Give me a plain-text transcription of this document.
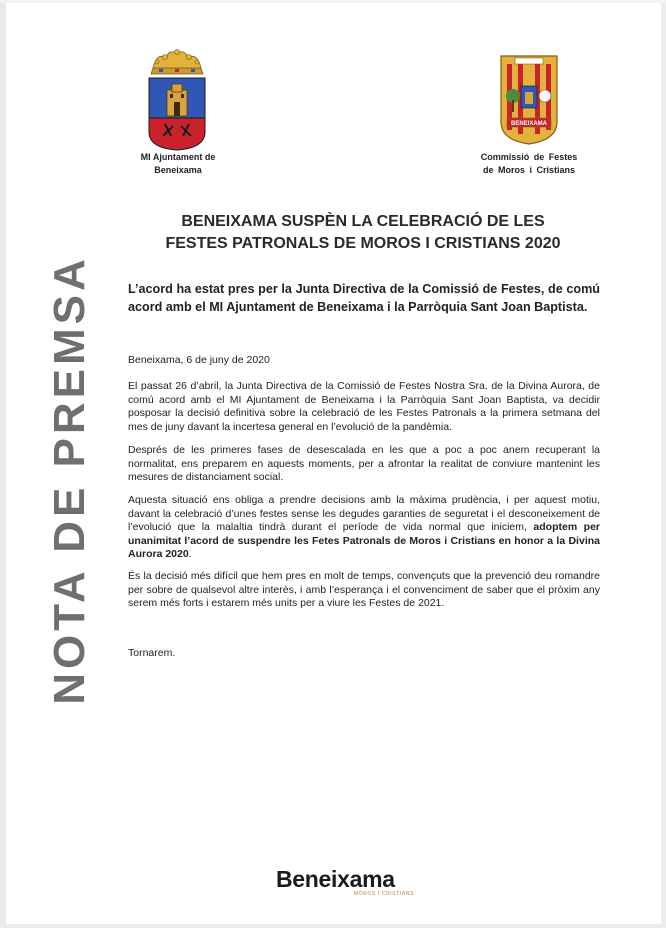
NOTA DE PREMSA
MI Ajuntament de
Beneixama
BENEIXAMA
Commissió de Festes
de Moros i Cristians
BENEIXAMA SUSPÈN LA CELEBRACIÓ DE LES
FESTES PATRONALS DE MOROS I CRISTIANS 2020
L’acord ha estat pres per la Junta Directiva de la Comissió de Festes, de comú acord amb el MI Ajuntament de Beneixama i la Parròquia Sant Joan Baptista.

Beneixama, 6 de juny de 2020

El passat 26 d’abril, la Junta Directiva de la Comissió de Festes Nostra Sra. de la Divina Aurora, de comú acord amb el MI Ajuntament de Beneixama i la Parròquia Sant Joan Baptista, va decidir posposar la decisió definitiva sobre la celebració de les Festes Patronals a la primera setmana del mes de juny davant la incertesa general en l’evolució de la pandèmia.

Després de les primeres fases de desescalada en les que a poc a poc anem recuperant la normalitat, ens preparem en aquests moments, per a afrontar la realitat de conviure mantenint les mesures de distanciament social.

Aquesta situació ens obliga a prendre decisions amb la màxima prudència, i per aquest motiu, davant la celebració d’unes festes sense les degudes garanties de seguretat i el desconeixement de l’evolució que la malaltia tindrà durant el període de vida normal que iniciem, adoptem per unanimitat l’acord de suspendre les Fetes Patronals de Moros i Cristians en honor a la Divina Aurora 2020.

És la decisió més difícil que hem pres en molt de temps, convençuts que la prevenció deu romandre per sobre de qualsevol altre interès, i amb l’esperança i el convenciment de saber que el pròxim any serem més forts i estarem més units per a viure les Festes de 2021.

Tornarem.

Beneixama
MOROS I CRISTIANS
